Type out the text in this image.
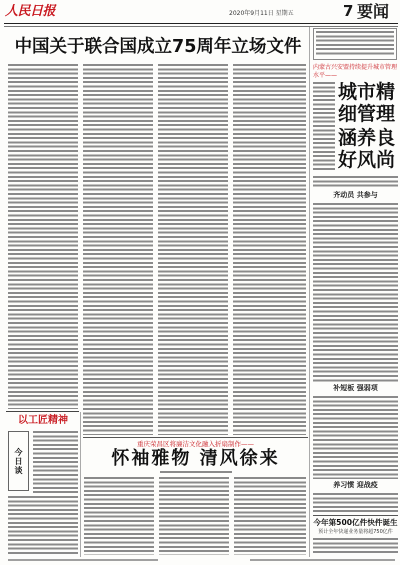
人民日报	2020年9月11日 星期五	7 要闻
中国关于联合国成立75周年立场文件
以工匠精神
今日谈
重庆荣昌区将廉洁文化融入折扇制作——
怀袖雅物 清风徐来
内蒙古兴安盟持续提升城市管理水平——
城市精细管理
涵养良好风尚
齐动员 共参与
补短板 强弱项
养习惯 迎战疫
今年第500亿件快件诞生
预计全年快递业务量将超750亿件
